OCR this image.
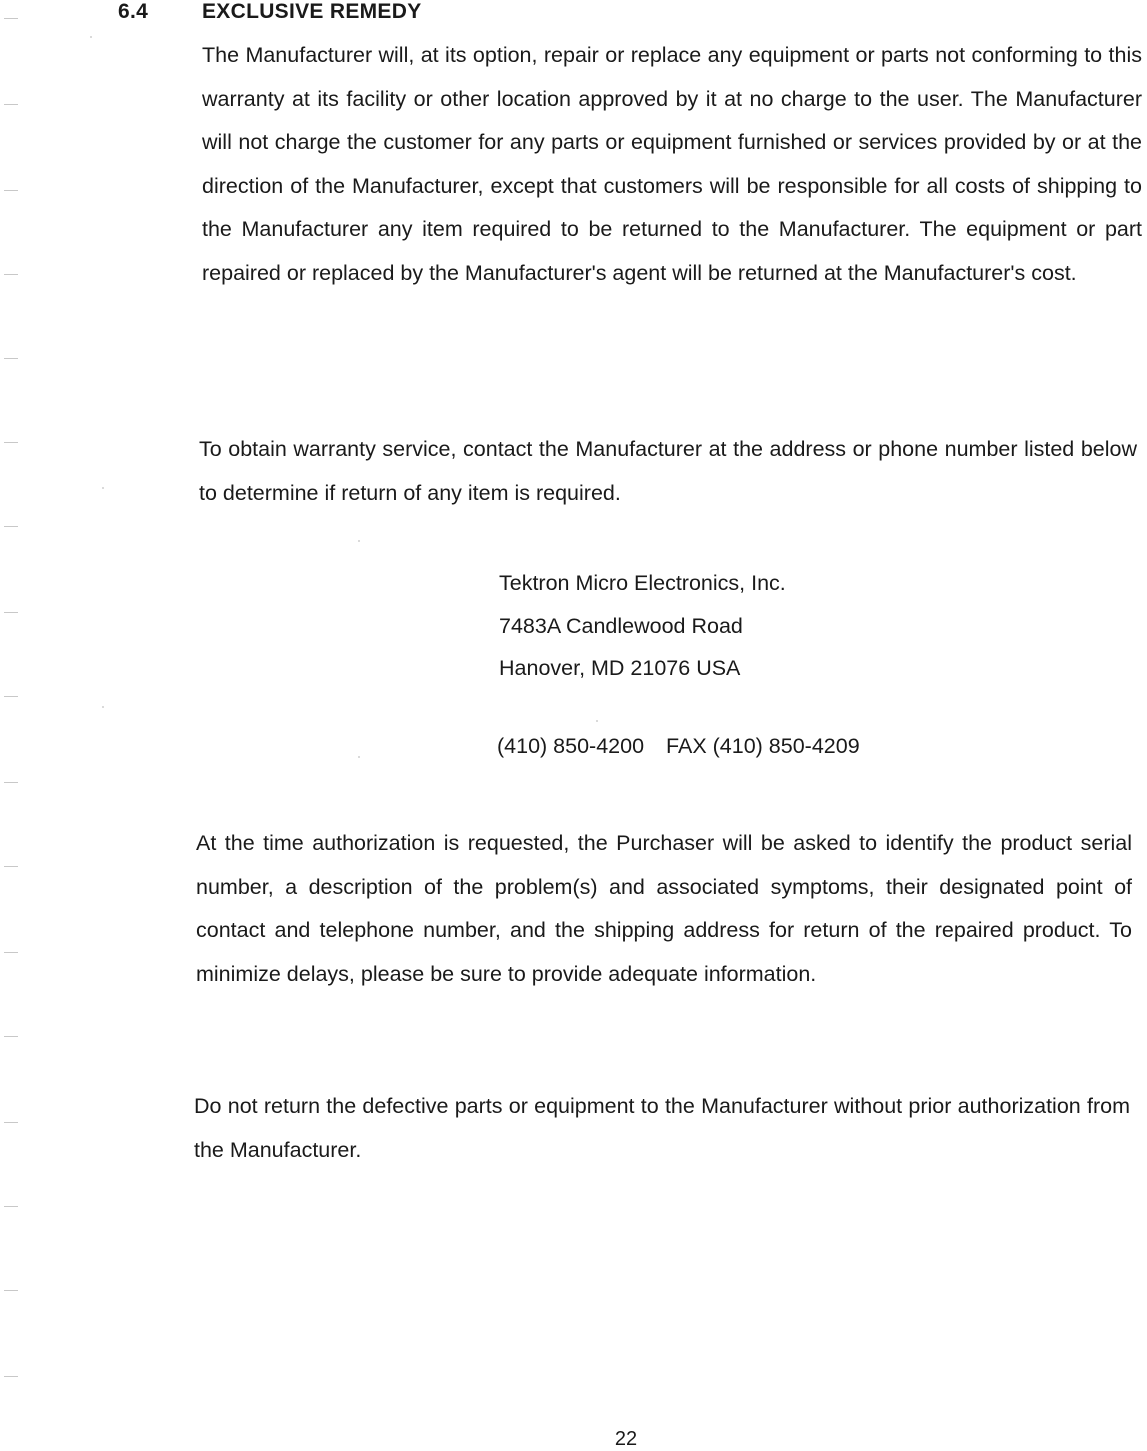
6.4	EXCLUSIVE REMEDY

The Manufacturer will, at its option, repair or replace any equipment or parts not conforming to this warranty at its facility or other location approved by it at no charge to the user. The Manufacturer will not charge the customer for any parts or equipment furnished or services provided by or at the direction of the Manufacturer, except that customers will be responsible for all costs of shipping to the Manufacturer any item required to be returned to the Manufacturer. The equipment or part repaired or replaced by the Manufacturer's agent will be returned at the Manufacturer's cost.

To obtain warranty service, contact the Manufacturer at the address or phone number listed below to determine if return of any item is required.

Tektron Micro Electronics, Inc.
7483A Candlewood Road
Hanover, MD 21076 USA
(410) 850-4200 FAX (410) 850-4209

At the time authorization is requested, the Purchaser will be asked to identify the product serial number, a description of the problem(s) and associated symptoms, their designated point of contact and telephone number, and the shipping address for return of the repaired product. To minimize delays, please be sure to provide adequate information.

Do not return the defective parts or equipment to the Manufacturer without prior authorization from the Manufacturer.

22
